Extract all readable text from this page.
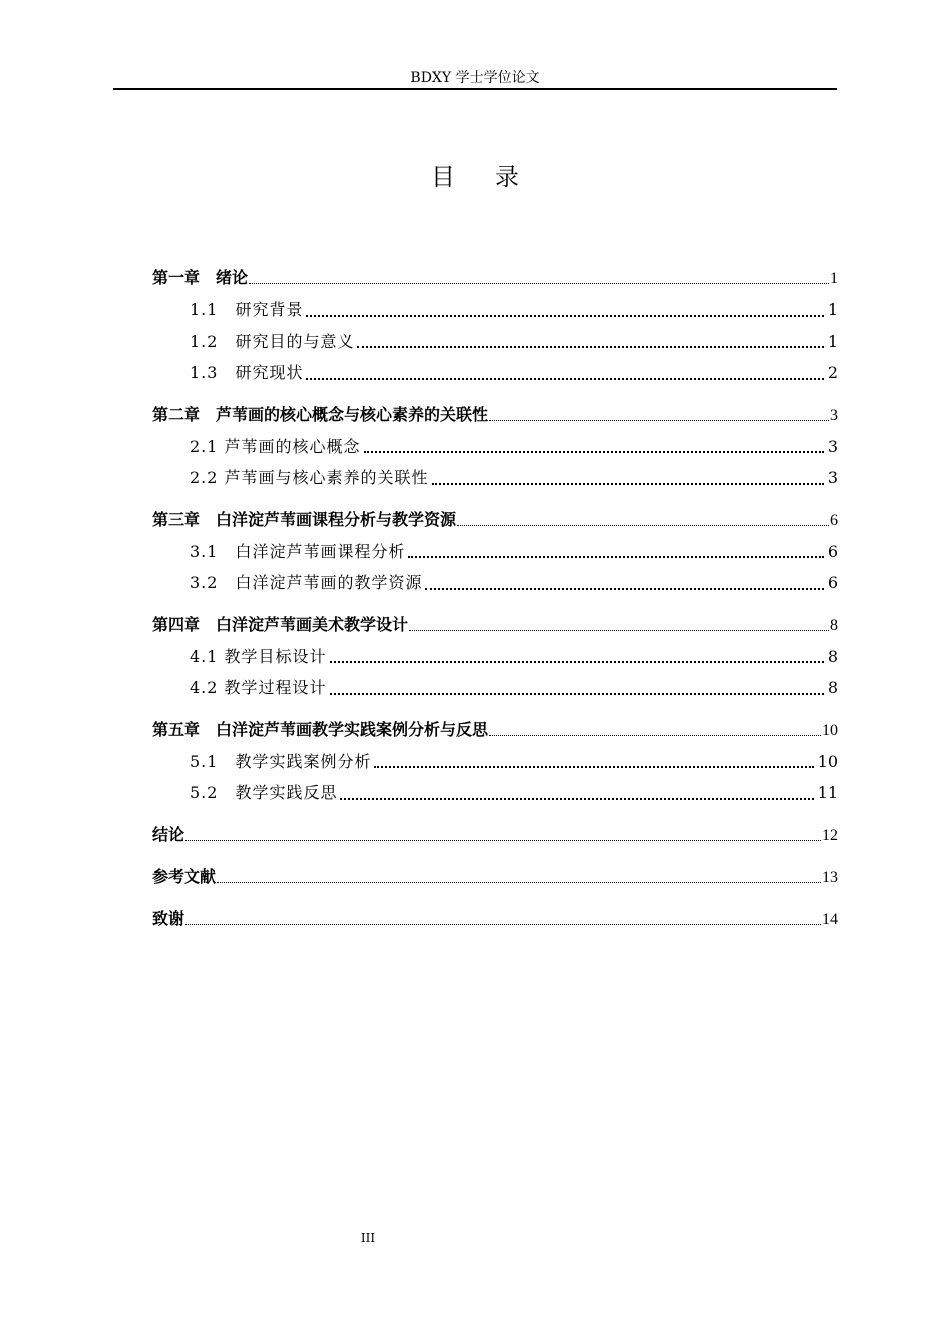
BDXY 学士学位论文
目录
第一章　绪论	1
1.1　研究背景	1
1.2　研究目的与意义	1
1.3　研究现状	2
第二章　芦苇画的核心概念与核心素养的关联性	3
2.1 芦苇画的核心概念	3
2.2 芦苇画与核心素养的关联性	3
第三章　白洋淀芦苇画课程分析与教学资源	6
3.1　白洋淀芦苇画课程分析	6
3.2　白洋淀芦苇画的教学资源	6
第四章　白洋淀芦苇画美术教学设计	8
4.1 教学目标设计	8
4.2 教学过程设计	8
第五章　白洋淀芦苇画教学实践案例分析与反思	10
5.1　教学实践案例分析	10
5.2　教学实践反思	11
结论	12
参考文献	13
致谢	14
III
